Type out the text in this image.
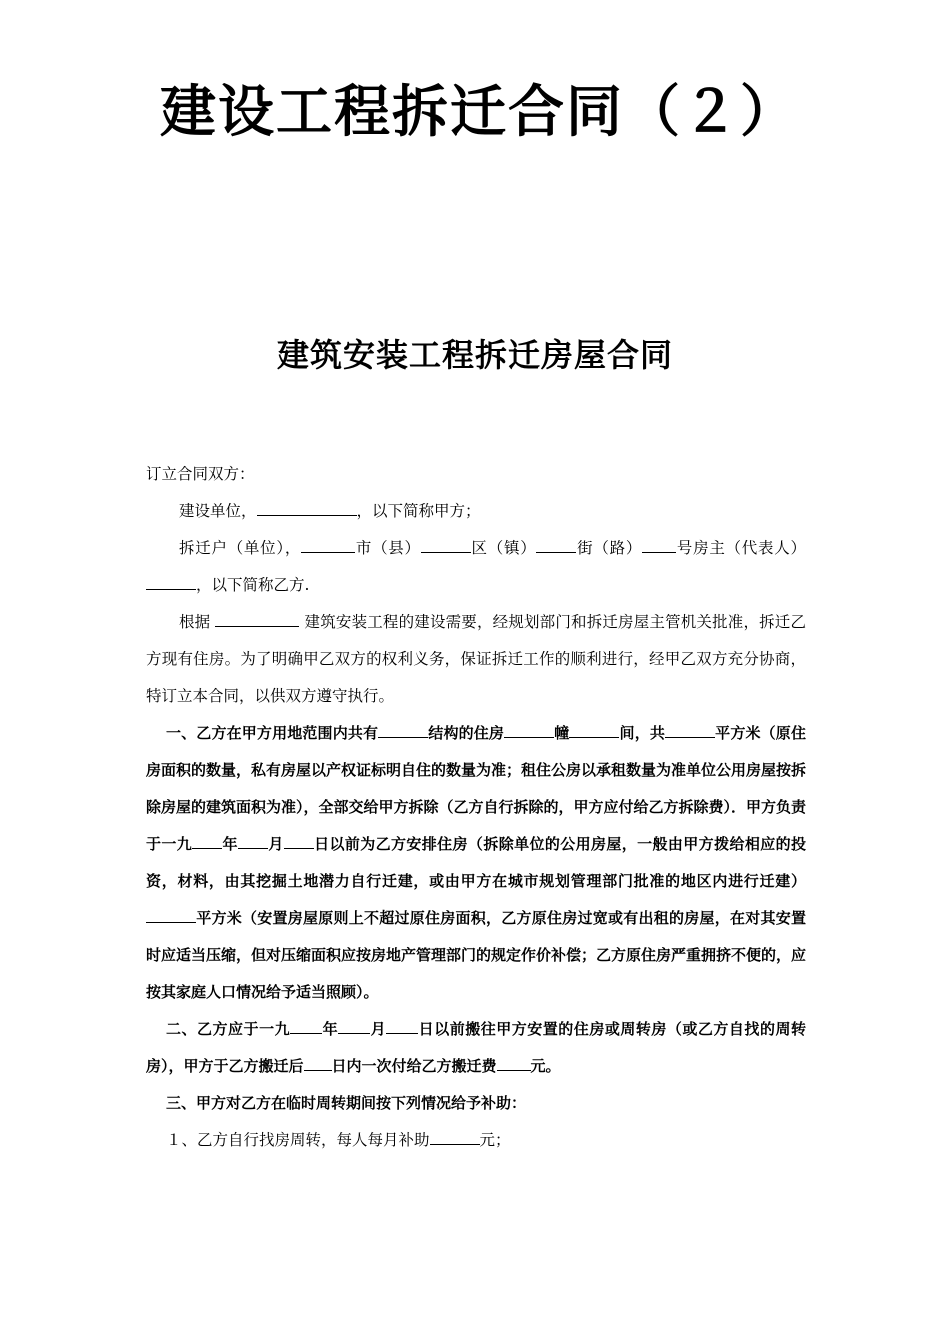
建设工程拆迁合同（２）
建筑安装工程拆迁房屋合同

订立合同双方：

建设单位，	，以下简称甲方；

拆迁户（单位），	市（县）	区（镇）	街（路） 号房主（代表人），以下简称乙方.

根据	建筑安装工程的建设需要，经规划部门和拆迁房屋主管机关批准，拆迁乙方现有住房。为了明确甲乙双方的权利义务，保证拆迁工作的顺利进行，经甲乙双方充分协商，特订立本合同，以供双方遵守执行。

一、乙方在甲方用地范围内共有	结构的住房	幢	间，共	平方米（原住房面积的数量，私有房屋以产权证标明自住的数量为准；租住公房以承租数量为准单位公用房屋按拆除房屋的建筑面积为准），全部交给甲方拆除（乙方自行拆除的，甲方应付给乙方拆除费）．甲方负责于一九 年 月 日以前为乙方安排住房（拆除单位的公用房屋，一般由甲方拨给相应的投资，材料，由其挖掘土地潜力自行迁建，或由甲方在城市规划管理部门批准的地区内进行迁建） 平方米（安置房屋原则上不超过原住房面积，乙方原住房过宽或有出租的房屋，在对其安置时应适当压缩，但对压缩面积应按房地产管理部门的规定作价补偿；乙方原住房严重拥挤不便的，应按其家庭人口情况给予适当照顾）。

二、乙方应于一九 年 月 日以前搬往甲方安置的住房或周转房（或乙方自找的周转房），甲方于乙方搬迁后 日内一次付给乙方搬迁费 元。

三、甲方对乙方在临时周转期间按下列情况给予补助：

１、乙方自行找房周转，每人每月补助	元；
